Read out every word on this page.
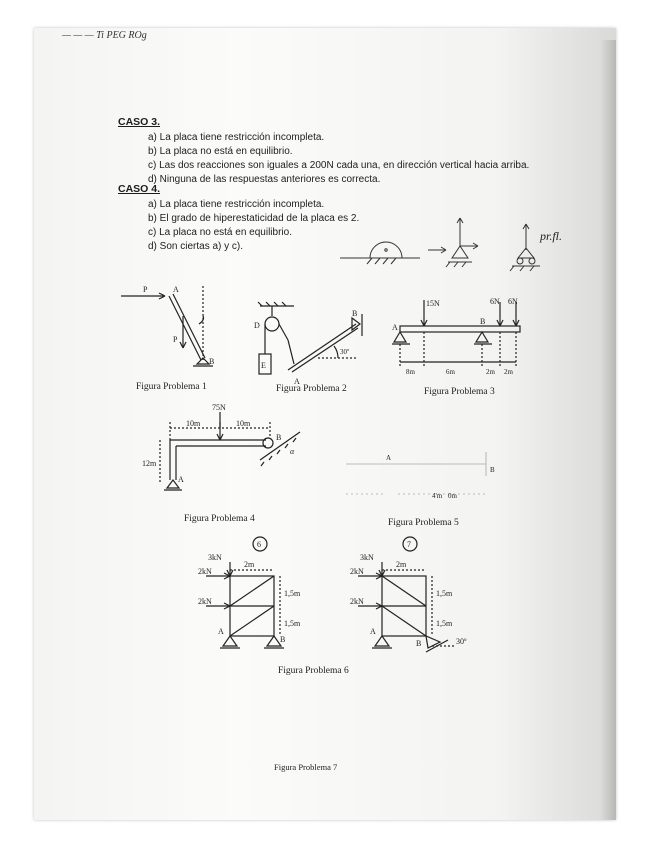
— — — Ti PEG ROg
CASO 3.
a) La placa tiene restricción incompleta.
b) La placa no está en equilibrio.
c) Las dos reacciones son iguales a 200N cada una, en dirección vertical hacia arriba.
d) Ninguna de las respuestas anteriores es correcta.
CASO 4.
a) La placa tiene restricción incompleta.
b) El grado de hiperestaticidad de la placa es 2.
c) La placa no está en equilibrio.
d) Son ciertas a) y c).
pr.fl.
P	A
P
B
Figura Problema 1
D
E
B
A
30º
Figura Problema 2
15N	6N 6N
A
B
8m	6m	2m 2m
Figura Problema 3
75N
10m	10m
12m
B
A
α
Figura Problema 4
A
B
4'm 0m
Figura Problema 5
6
3kN
2kN
2kN
2m
1,5m
1,5m
A
B
7
3kN
2kN
2kN
2m
1,5m
1,5m
A
B	30º
Figura Problema 6
Figura Problema 7
